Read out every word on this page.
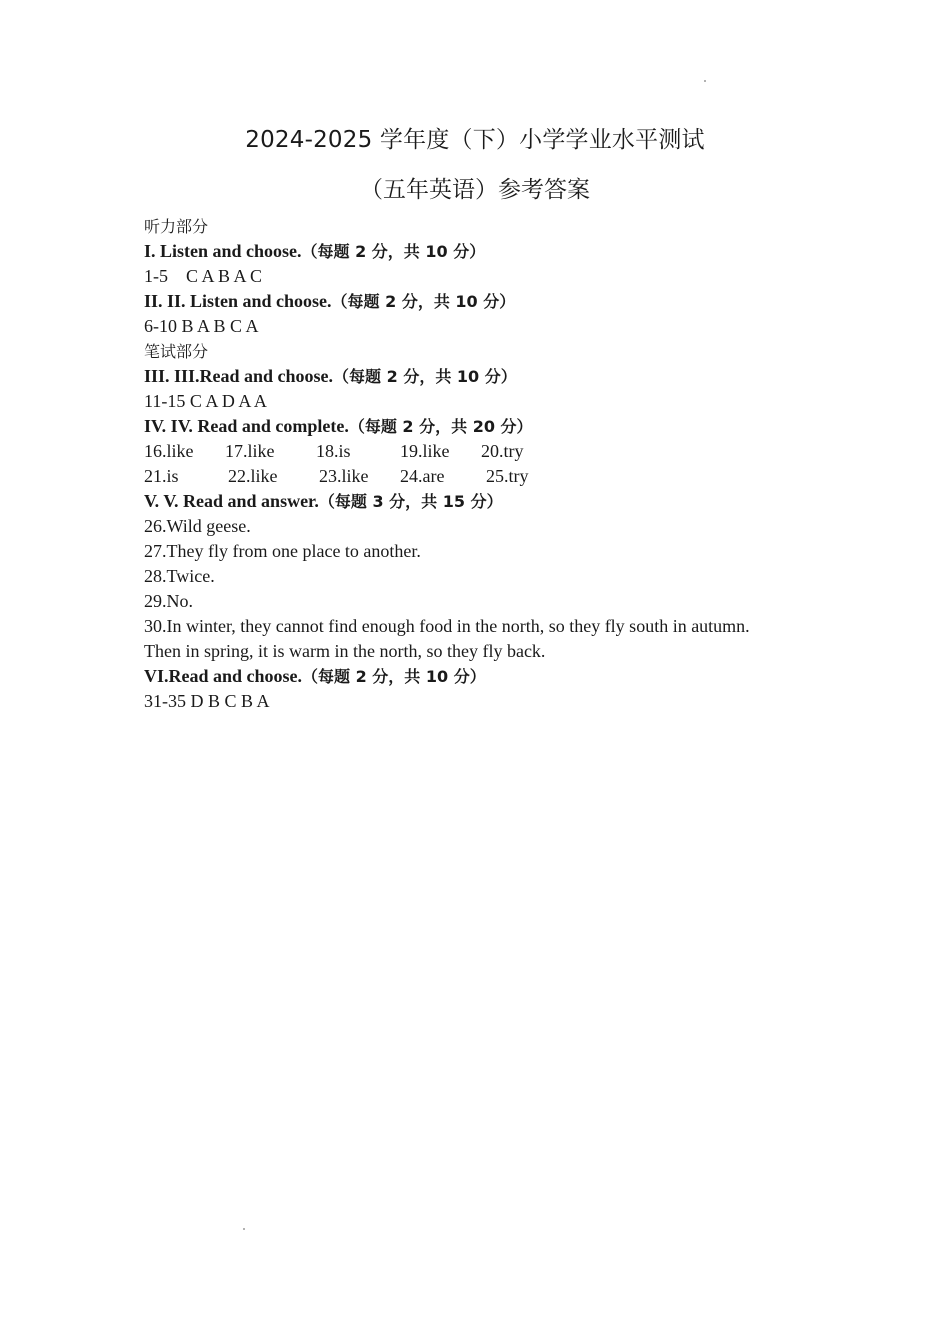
2024-2025 学年度（下）小学学业水平测试
（五年英语）参考答案
听力部分
I. Listen and choose.（每题 2 分，共 10 分）
1-5    C A B A C
II. II. Listen and choose.（每题 2 分，共 10 分）
6-10 B A B C A
笔试部分
III. III.Read and choose.（每题 2 分，共 10 分）
11-15 C A D A A
IV. IV. Read and complete.（每题 2 分，共 20 分）
16.like 17.like 18.is	19.like 20.try
21.is	22.like 23.like 24.are 25.try
V. V. Read and answer.（每题 3 分，共 15 分）
26.Wild geese.
27.They fly from one place to another.
28.Twice.
29.No.
30.In winter, they cannot find enough food in the north, so they fly south in autumn.
Then in spring, it is warm in the north, so they fly back.
VI.Read and choose.（每题 2 分，共 10 分）
31-35 D B C B A
